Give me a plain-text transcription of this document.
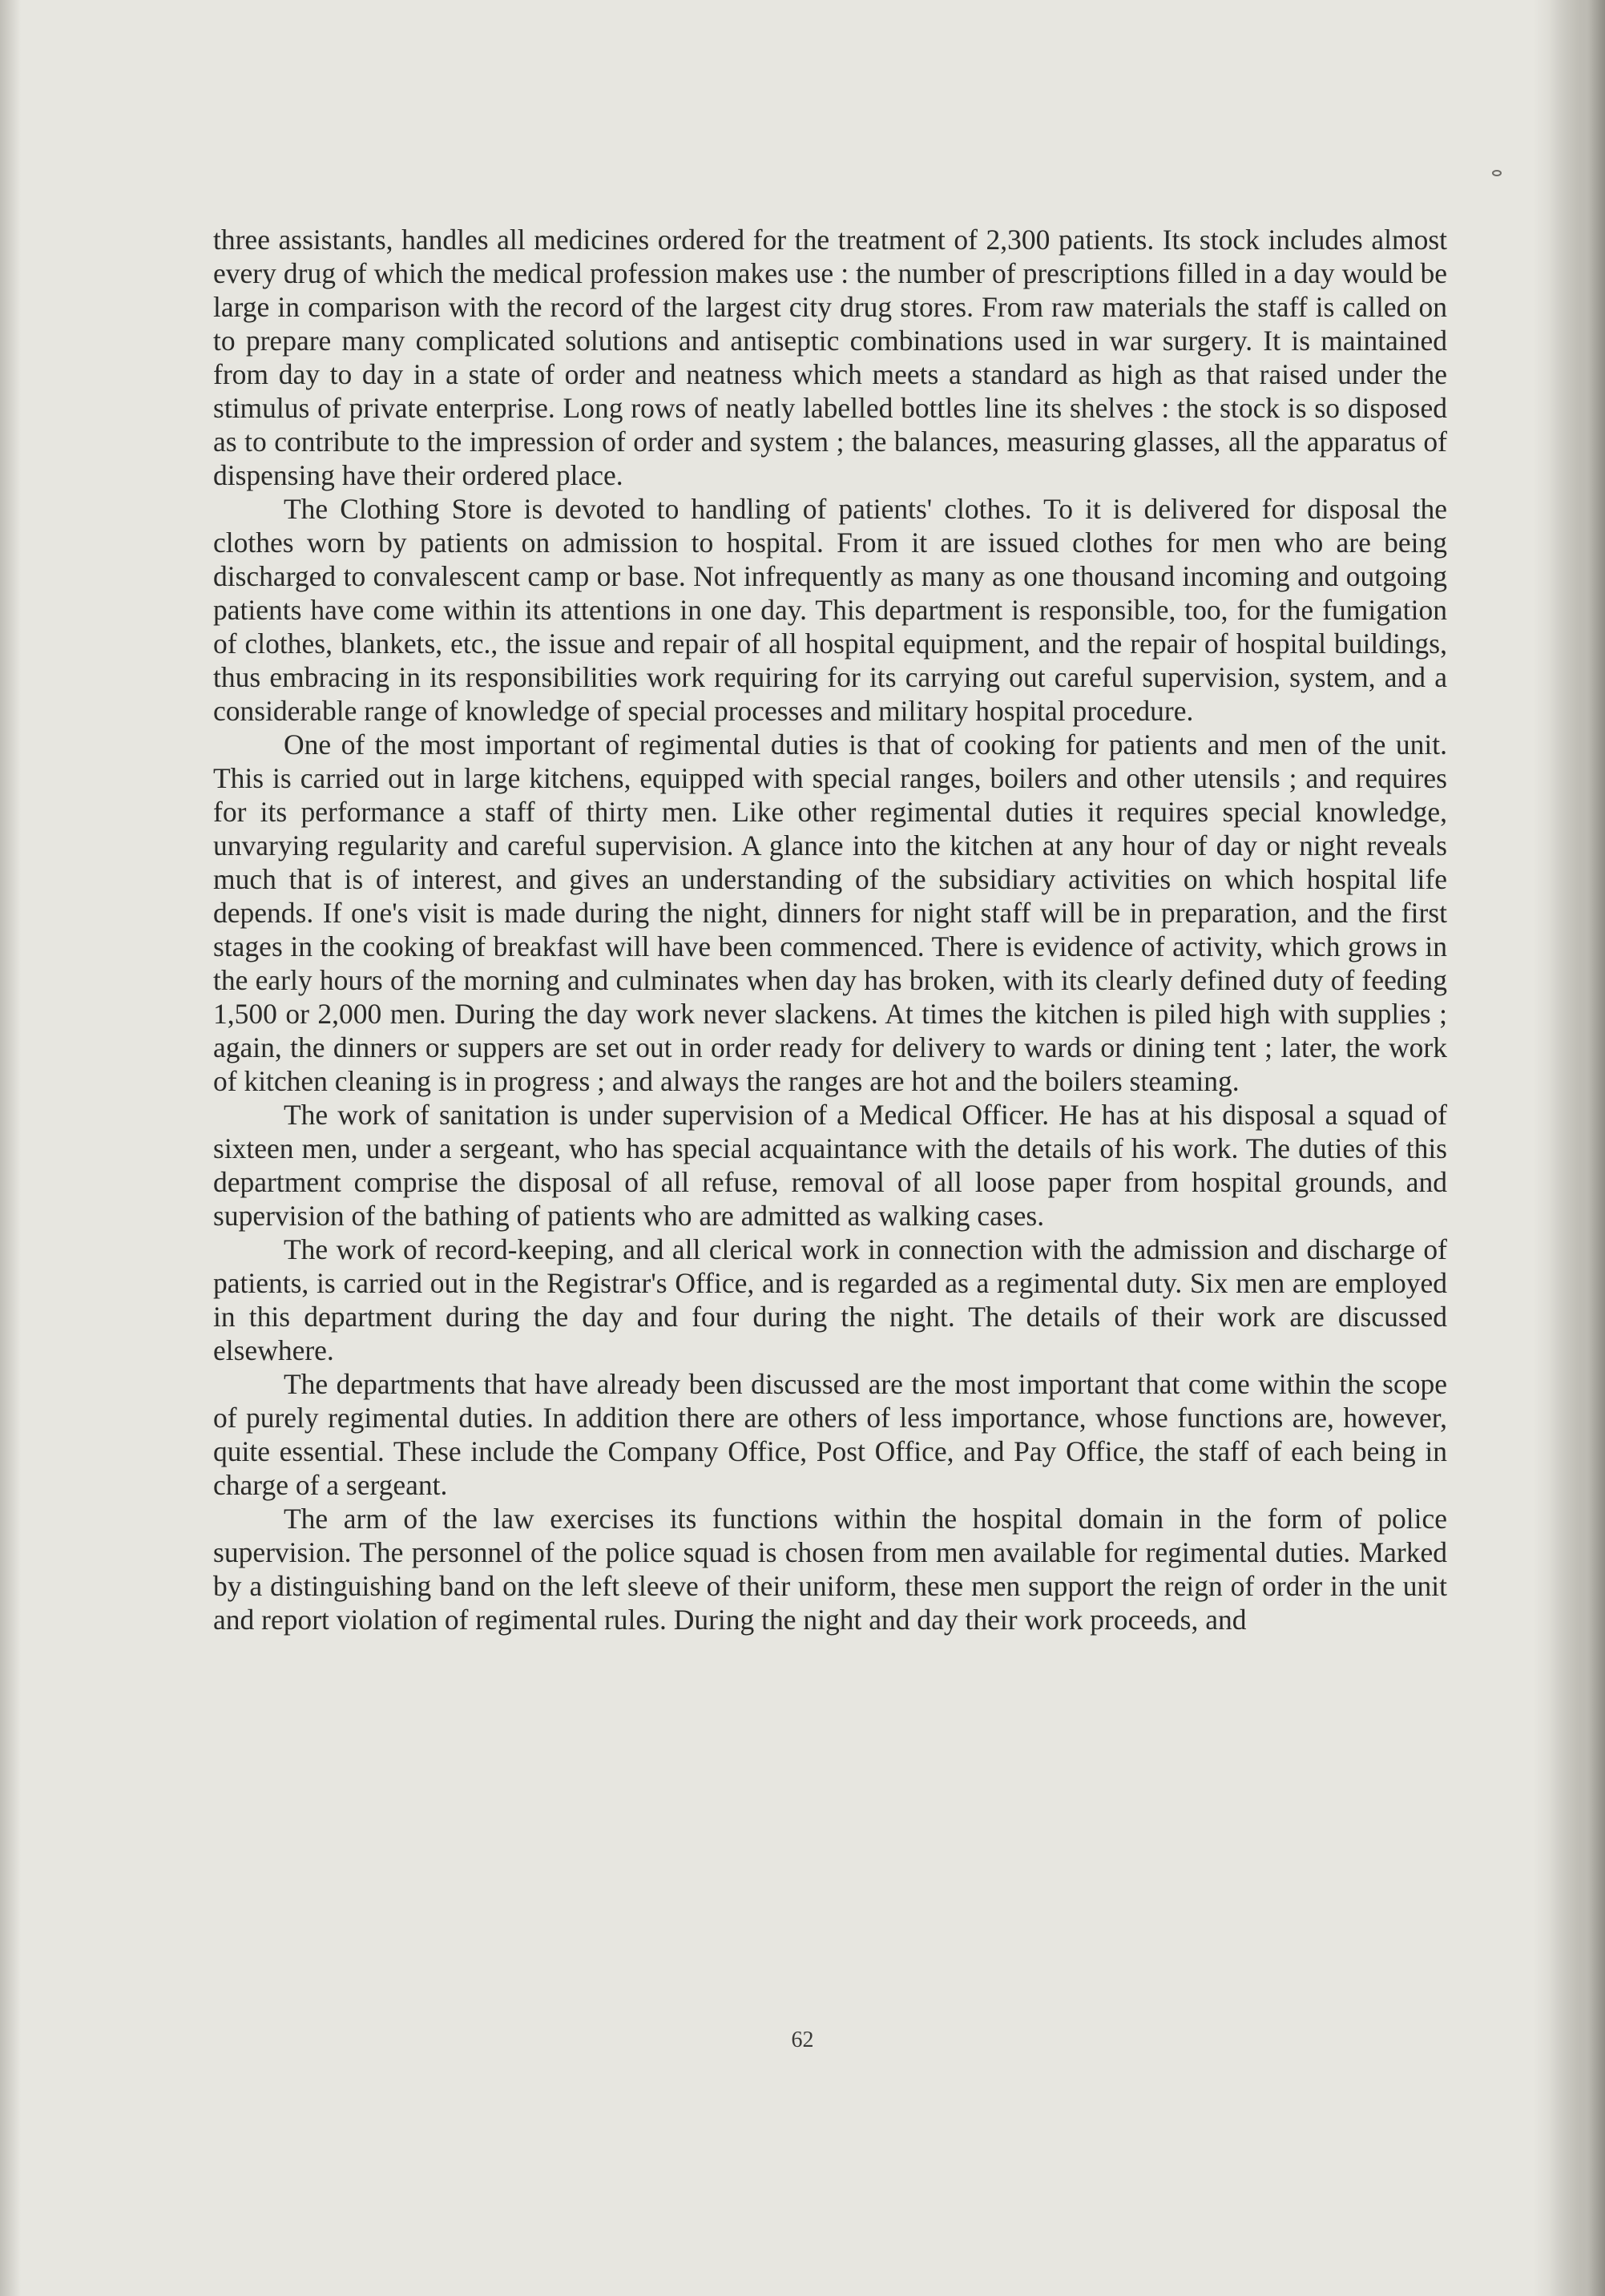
three assistants, handles all medicines ordered for the treatment of 2,300 patients. Its stock includes almost every drug of which the medical profession makes use : the number of prescriptions filled in a day would be large in comparison with the record of the largest city drug stores. From raw materials the staff is called on to prepare many complicated solutions and antiseptic combinations used in war surgery. It is maintained from day to day in a state of order and neatness which meets a standard as high as that raised under the stimulus of private enterprise. Long rows of neatly labelled bottles line its shelves : the stock is so disposed as to contribute to the impression of order and system ; the balances, measuring glasses, all the apparatus of dispensing have their ordered place.

The Clothing Store is devoted to handling of patients' clothes. To it is delivered for disposal the clothes worn by patients on admission to hospital. From it are issued clothes for men who are being discharged to convalescent camp or base. Not infrequently as many as one thousand incoming and outgoing patients have come within its attentions in one day. This department is responsible, too, for the fumigation of clothes, blankets, etc., the issue and repair of all hospital equipment, and the repair of hospital buildings, thus embracing in its responsibilities work requiring for its carrying out careful supervision, system, and a considerable range of knowledge of special processes and military hospital procedure.

One of the most important of regimental duties is that of cooking for patients and men of the unit. This is carried out in large kitchens, equipped with special ranges, boilers and other utensils ; and requires for its performance a staff of thirty men. Like other regimental duties it requires special knowledge, unvarying regularity and careful supervision. A glance into the kitchen at any hour of day or night reveals much that is of interest, and gives an understanding of the subsidiary activities on which hospital life depends. If one's visit is made during the night, dinners for night staff will be in preparation, and the first stages in the cooking of breakfast will have been commenced. There is evidence of activity, which grows in the early hours of the morning and culminates when day has broken, with its clearly defined duty of feeding 1,500 or 2,000 men. During the day work never slackens. At times the kitchen is piled high with supplies ; again, the dinners or suppers are set out in order ready for delivery to wards or dining tent ; later, the work of kitchen cleaning is in progress ; and always the ranges are hot and the boilers steaming.

The work of sanitation is under supervision of a Medical Officer. He has at his disposal a squad of sixteen men, under a sergeant, who has special acquaintance with the details of his work. The duties of this department comprise the disposal of all refuse, removal of all loose paper from hospital grounds, and supervision of the bathing of patients who are admitted as walking cases.

The work of record-keeping, and all clerical work in connection with the admission and discharge of patients, is carried out in the Registrar's Office, and is regarded as a regimental duty. Six men are employed in this department during the day and four during the night. The details of their work are discussed elsewhere.

The departments that have already been discussed are the most important that come within the scope of purely regimental duties. In addition there are others of less importance, whose functions are, however, quite essential. These include the Company Office, Post Office, and Pay Office, the staff of each being in charge of a sergeant.

The arm of the law exercises its functions within the hospital domain in the form of police supervision. The personnel of the police squad is chosen from men available for regimental duties. Marked by a distinguishing band on the left sleeve of their uniform, these men support the reign of order in the unit and report violation of regimental rules. During the night and day their work proceeds, and

62
